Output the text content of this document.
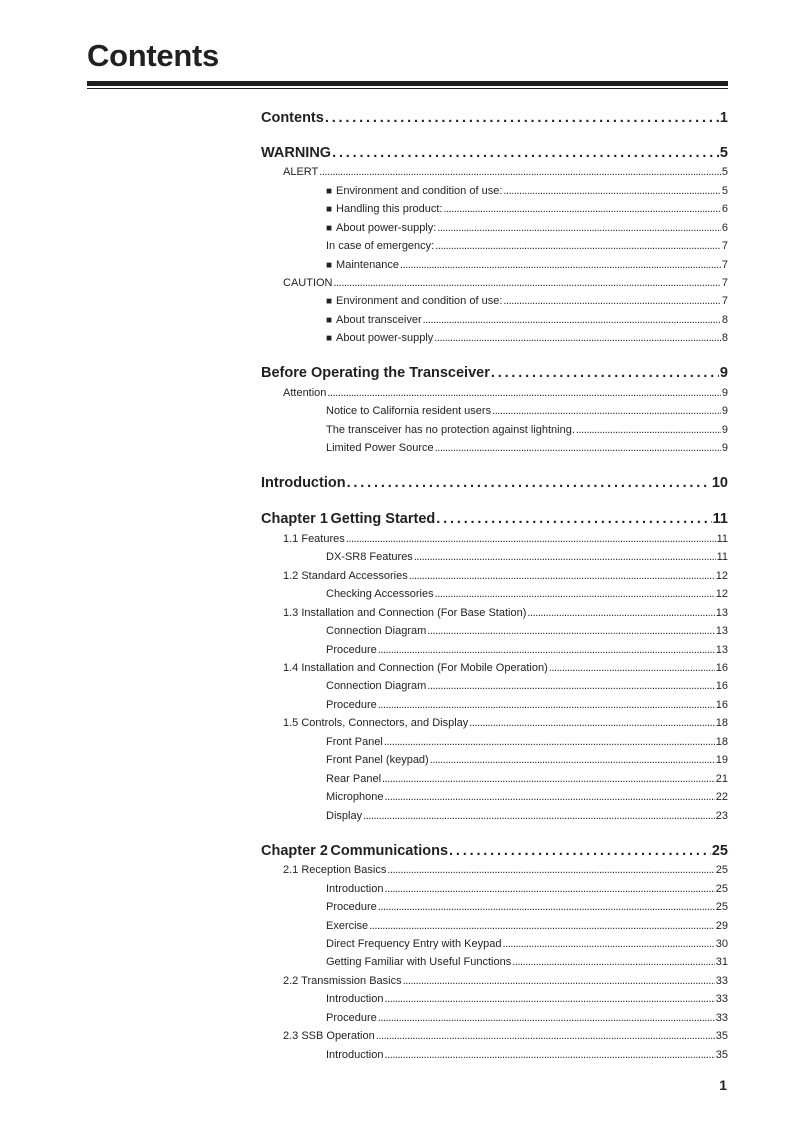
Contents
Contents . . .	1
WARNING . . .	5
ALERT . . .	5
■ Environment and condition of use: . . .	5
■ Handling this product: . . .	6
■ About power-supply: . . .	6
In case of emergency: . . .	7
■ Maintenance . . .	7
CAUTION . . .	7
■ Environment and condition of use: . . .	7
■ About transceiver . . .	8
■ About power-supply . . .	8
Before Operating the Transceiver . . .	9
Attention . . .	9
Notice to California resident users . . .	9
The transceiver has no protection against lightning. . . .	9
Limited Power Source . . .	9
Introduction . . .	10
Chapter 1 Getting Started . . .	11
1.1 Features . . .	11
DX-SR8 Features . . .	11
1.2 Standard Accessories . . .	12
Checking Accessories . . .	12
1.3 Installation and Connection (For Base Station) . . .	13
Connection Diagram . . .	13
Procedure . . .	13
1.4 Installation and Connection (For Mobile Operation) . . .	16
Connection Diagram . . .	16
Procedure . . .	16
1.5 Controls, Connectors, and Display . . .	18
Front Panel . . .	18
Front Panel (keypad) . . .	19
Rear Panel . . .	21
Microphone . . .	22
Display . . .	23
Chapter 2 Communications . . .	25
2.1 Reception Basics . . .	25
Introduction . . .	25
Procedure . . .	25
Exercise . . .	29
Direct Frequency Entry with Keypad . . .	30
Getting Familiar with Useful Functions . . .	31
2.2 Transmission Basics . . .	33
Introduction . . .	33
Procedure . . .	33
2.3 SSB Operation . . .	35
Introduction . . .	35
1
